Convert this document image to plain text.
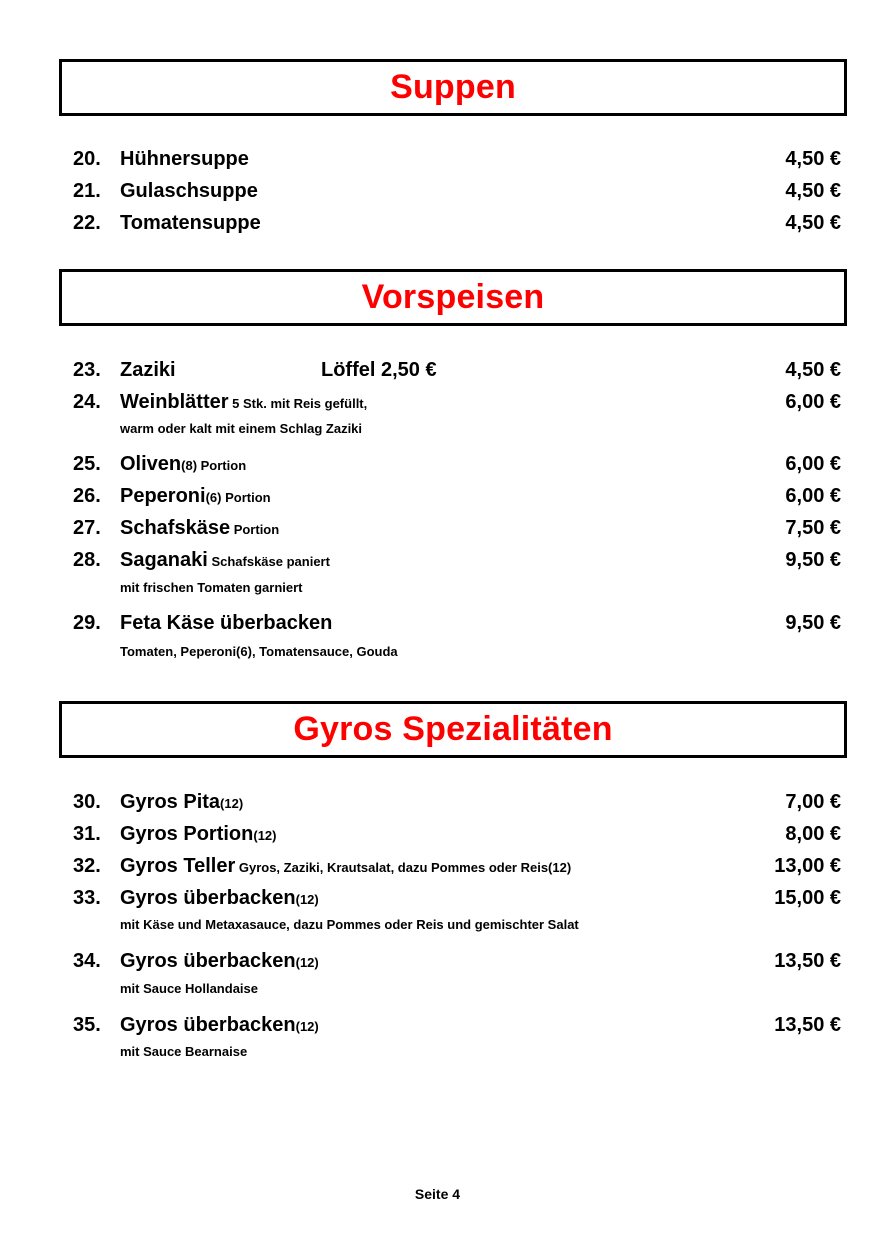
Suppen
Vorspeisen
Gyros Spezialitäten
20. Hühnersuppe	4,50 €
21. Gulaschsuppe	4,50 €
22. Tomatensuppe	4,50 €
23. Zaziki	Löffel 2,50 €	4,50 €
24. Weinblätter 5 Stk. mit Reis gefüllt,	6,00 €
warm oder kalt mit einem Schlag Zaziki
25. Oliven(8) Portion	6,00 €
26. Peperoni(6) Portion	6,00 €
27. Schafskäse Portion	7,50 €
28. Saganaki Schafskäse paniert	9,50 €
mit frischen Tomaten garniert
29. Feta Käse überbacken	9,50 €
Tomaten, Peperoni(6), Tomatensauce, Gouda
30. Gyros Pita(12)	7,00 €
31. Gyros Portion(12)	8,00 €
32. Gyros Teller Gyros, Zaziki, Krautsalat, dazu Pommes oder Reis(12)	13,00 €
33. Gyros überbacken(12)	15,00 €
mit Käse und Metaxasauce, dazu Pommes oder Reis und gemischter Salat
34. Gyros überbacken(12)	13,50 €
mit Sauce Hollandaise
35. Gyros überbacken(12)	13,50 €
mit Sauce Bearnaise
Seite 4
